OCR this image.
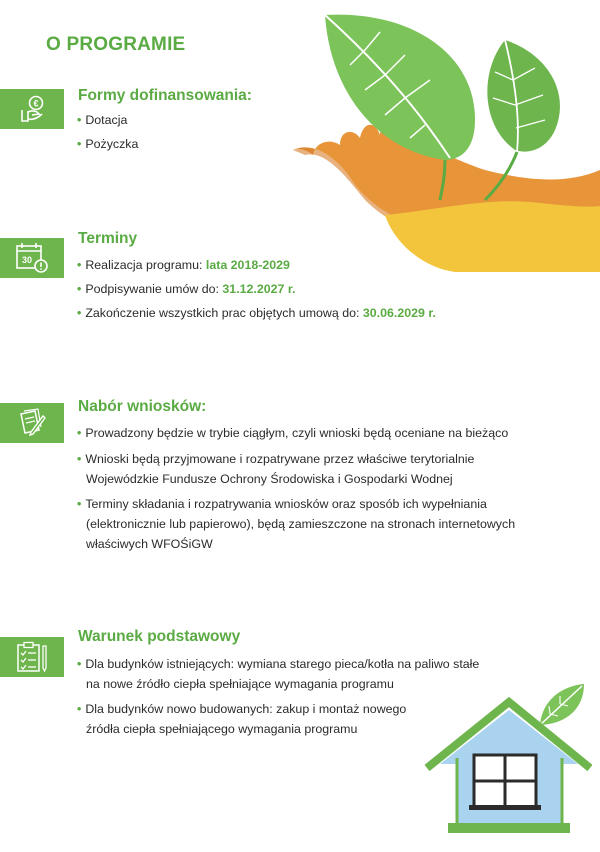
O PROGRAMIE
€	Formy dofinansowania:
• Dotacja
• Pożyczka
30
Terminy
• Realizacja programu: lata 2018-2029
• Podpisywanie umów do: 31.12.2027 r.
• Zakończenie wszystkich prac objętych umową do: 30.06.2029 r.
Nabór wniosków:
• Prowadzony będzie w trybie ciągłym, czyli wnioski będą oceniane na bieżąco
• Wnioski będą przyjmowane i rozpatrywane przez właściwe terytorialnie
Wojewódzkie Fundusze Ochrony Środowiska i Gospodarki Wodnej
• Terminy składania i rozpatrywania wniosków oraz sposób ich wypełniania
(elektronicznie lub papierowo), będą zamieszczone na stronach internetowych
właściwych WFOŚiGW
Warunek podstawowy
• Dla budynków istniejących: wymiana starego pieca/kotła na paliwo stałe
na nowe źródło ciepła spełniające wymagania programu
• Dla budynków nowo budowanych: zakup i montaż nowego
źródła ciepła spełniającego wymagania programu
